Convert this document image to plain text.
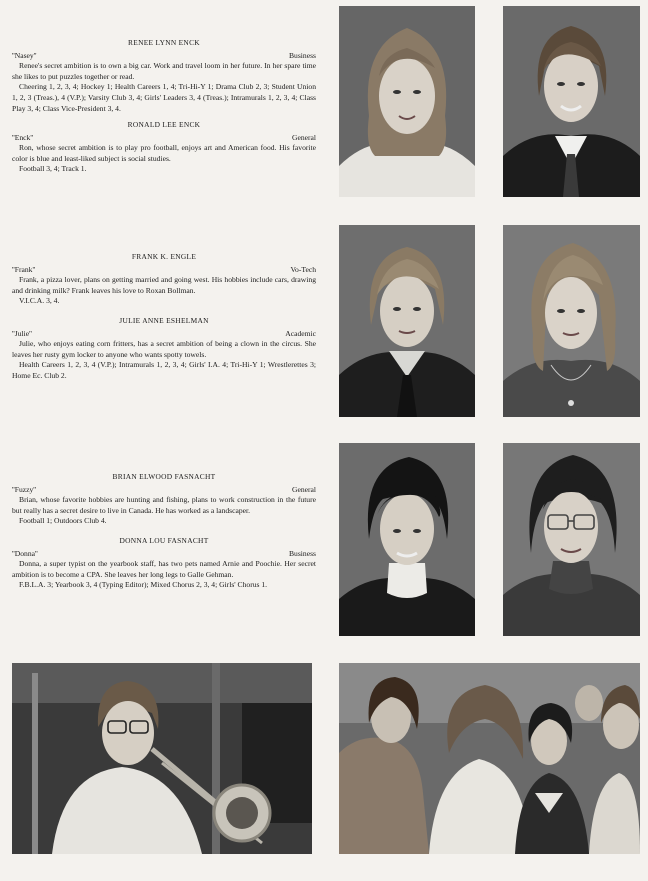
RENEE LYNN ENCK
''Nasey''	Business

Renee's secret ambition is to own a big car. Work and travel loom in her future. In her spare time she likes to put puzzles together or read.

Cheering 1, 2, 3, 4; Hockey 1; Health Careers 1, 4; Tri-Hi-Y 1; Drama Club 2, 3; Student Union 1, 2, 3 (Treas.), 4 (V.P.); Varsity Club 3, 4; Girls' Leaders 3, 4 (Treas.); Intramurals 1, 2, 3, 4; Class Play 3, 4; Class Vice-President 3, 4.

RONALD LEE ENCK
''Enck''	General

Ron, whose secret ambition is to play pro football, enjoys art and American food. His favorite color is blue and least-liked subject is social studies.

Football 3, 4; Track 1.

FRANK K. ENGLE
''Frank''	Vo-Tech

Frank, a pizza lover, plans on getting married and going west. His hobbies include cars, drawing and drinking milk? Frank leaves his love to Roxan Bollman.

V.I.C.A. 3, 4.

JULIE ANNE ESHELMAN
''Julie''	Academic

Julie, who enjoys eating corn fritters, has a secret ambition of being a clown in the circus. She leaves her rusty gym locker to anyone who wants spotty towels.

Health Careers 1, 2, 3, 4 (V.P.); Intramurals 1, 2, 3, 4; Girls' I.A. 4; Tri-Hi-Y 1; Wrestlerettes 3; Home Ec. Club 2.

BRIAN ELWOOD FASNACHT
''Fuzzy''	General

Brian, whose favorite hobbies are hunting and fishing, plans to work construction in the future but really has a secret desire to live in Canada. He has worked as a landscaper.

Football 1; Outdoors Club 4.

DONNA LOU FASNACHT
''Donna''	Business

Donna, a super typist on the yearbook staff, has two pets named Arnie and Poochie. Her secret ambition is to become a CPA. She leaves her long legs to Galle Gehman.

F.B.L.A. 3; Yearbook 3, 4 (Typing Editor); Mixed Chorus 2, 3, 4; Girls' Chorus 1.
